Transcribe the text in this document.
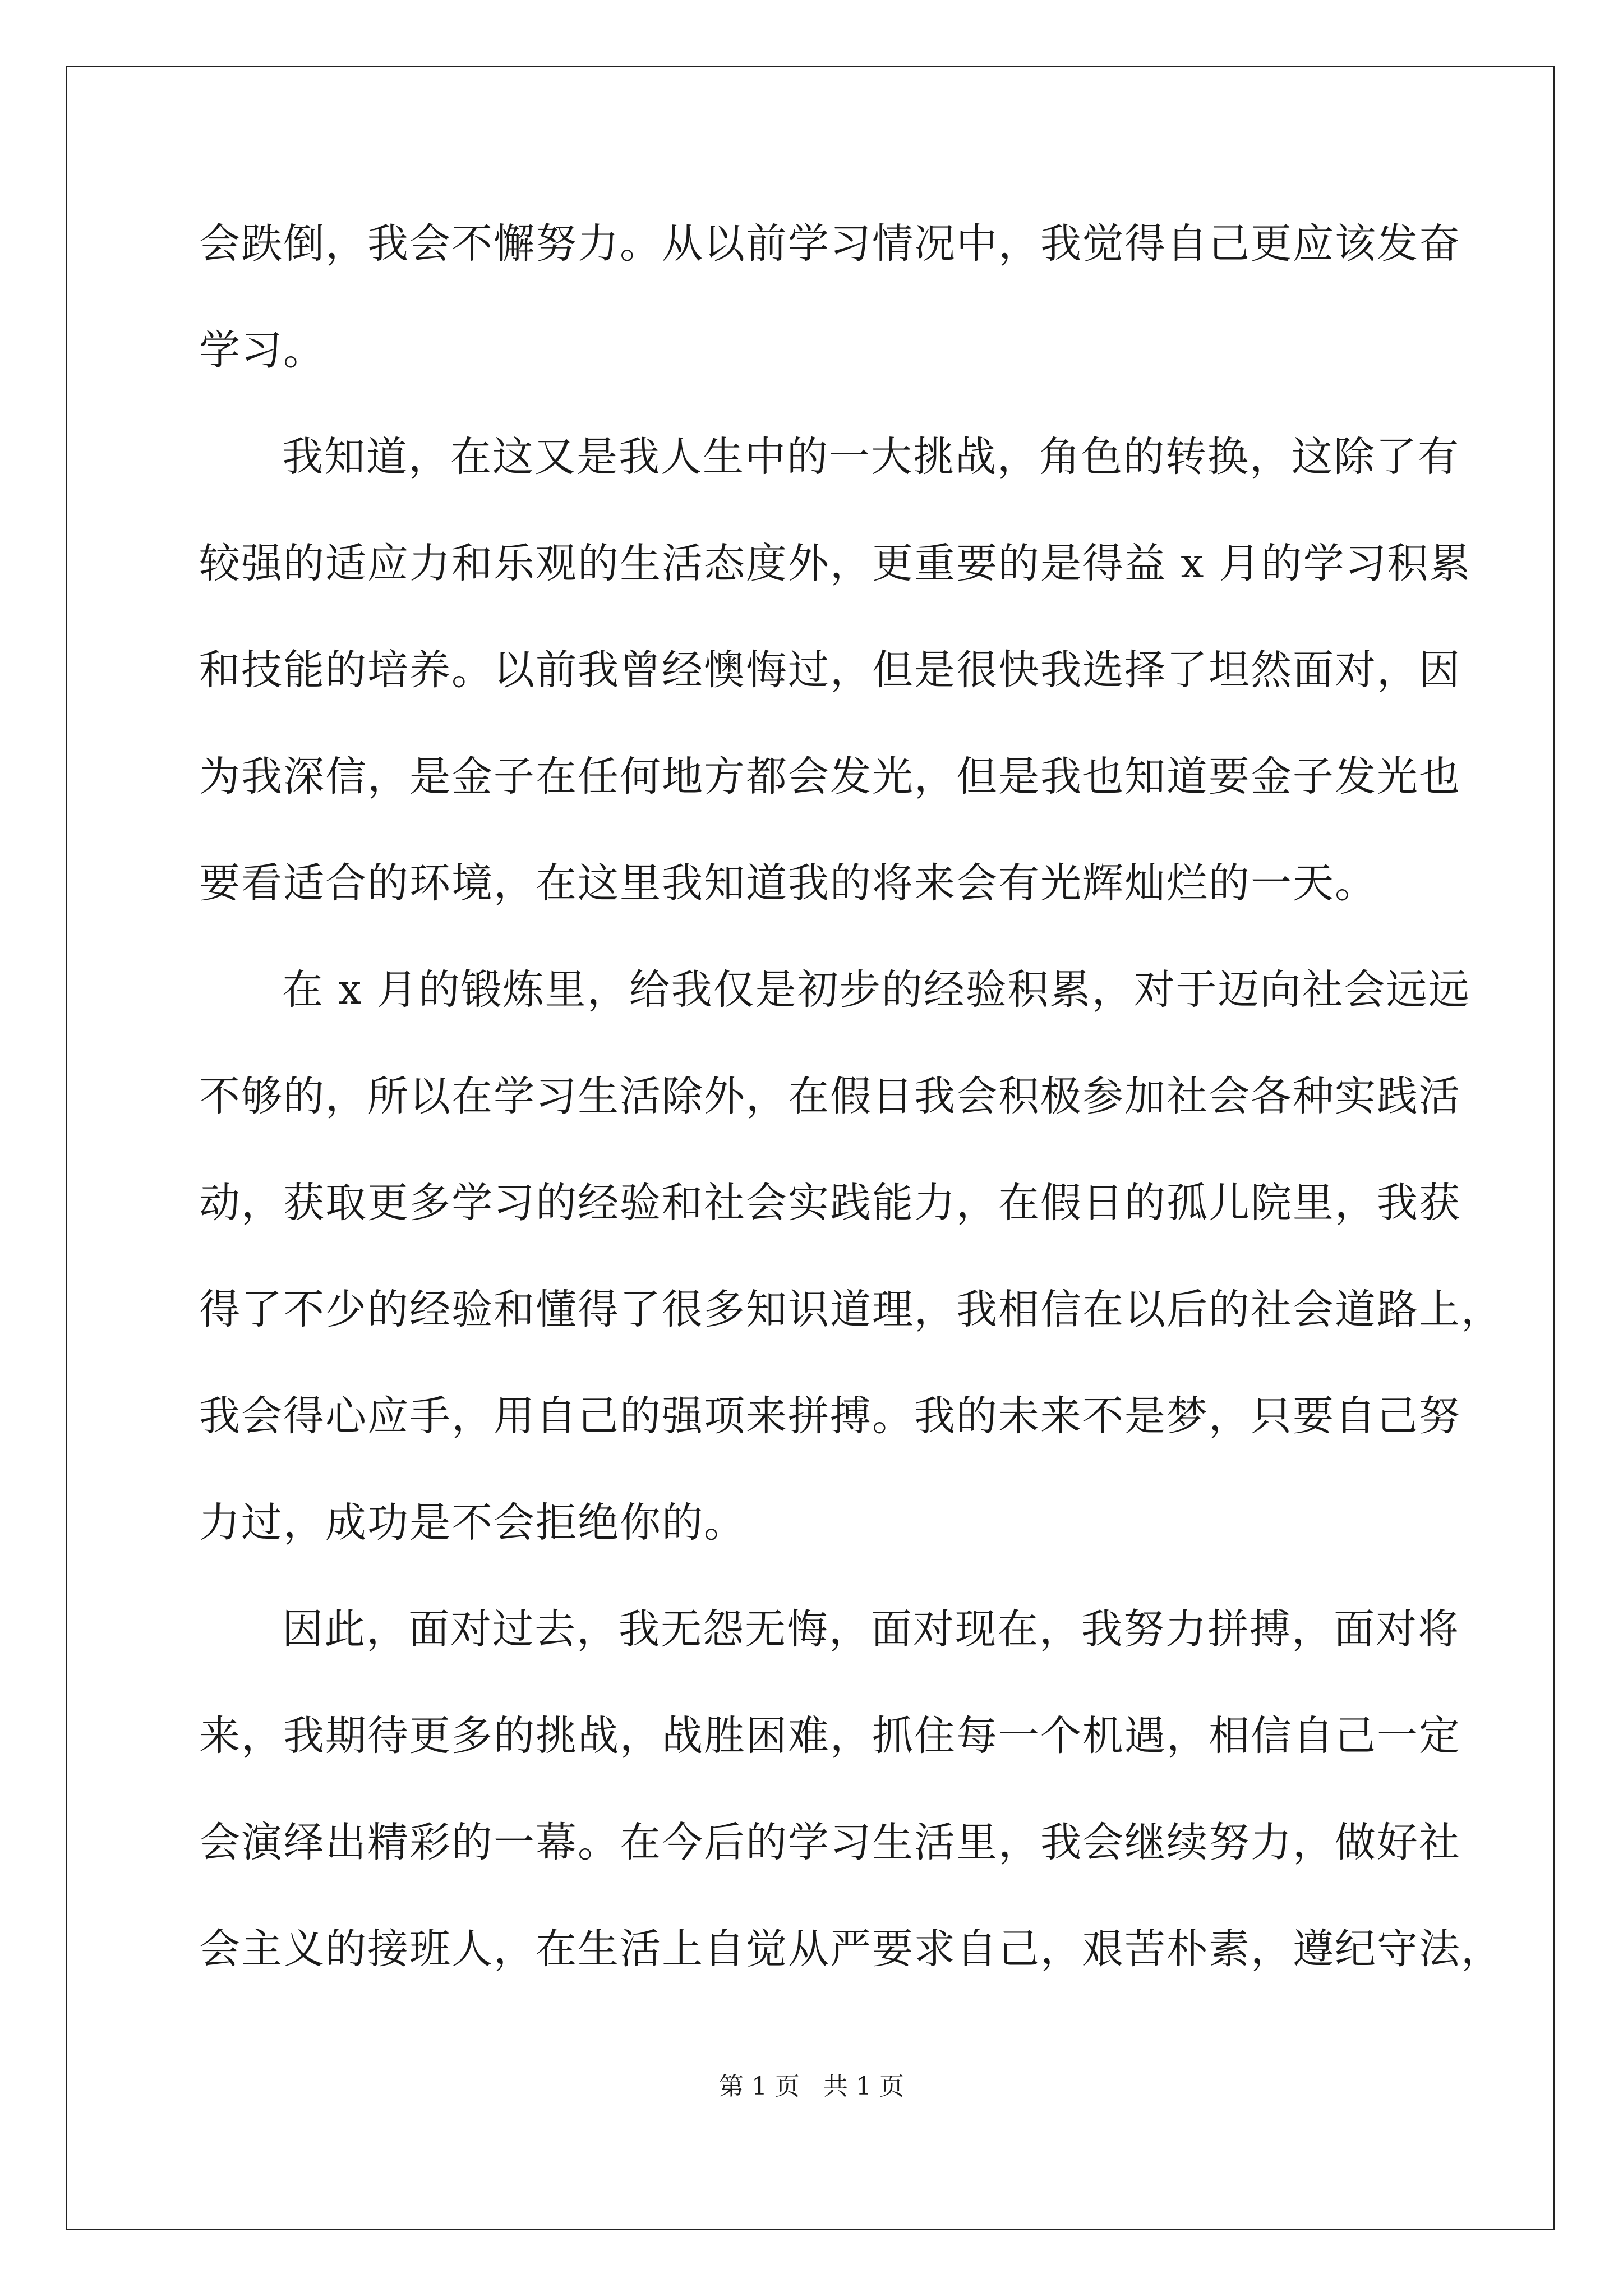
会跌倒，我会不懈努力。从以前学习情况中，我觉得自己更应该发奋
学习。
我知道，在这又是我人生中的一大挑战，角色的转换，这除了有
较强的适应力和乐观的生活态度外，更重要的是得益 x 月的学习积累
和技能的培养。以前我曾经懊悔过，但是很快我选择了坦然面对，因
为我深信，是金子在任何地方都会发光，但是我也知道要金子发光也
要看适合的环境，在这里我知道我的将来会有光辉灿烂的一天。
在 x 月的锻炼里，给我仅是初步的经验积累，对于迈向社会远远
不够的，所以在学习生活除外，在假日我会积极参加社会各种实践活
动，获取更多学习的经验和社会实践能力，在假日的孤儿院里，我获
得了不少的经验和懂得了很多知识道理，我相信在以后的社会道路上，
我会得心应手，用自己的强项来拼搏。我的未来不是梦，只要自己努
力过，成功是不会拒绝你的。
因此，面对过去，我无怨无悔，面对现在，我努力拼搏，面对将
来，我期待更多的挑战，战胜困难，抓住每一个机遇，相信自己一定
会演绎出精彩的一幕。在今后的学习生活里，我会继续努力，做好社
会主义的接班人，在生活上自觉从严要求自己，艰苦朴素，遵纪守法，
第 1 页   共 1 页
